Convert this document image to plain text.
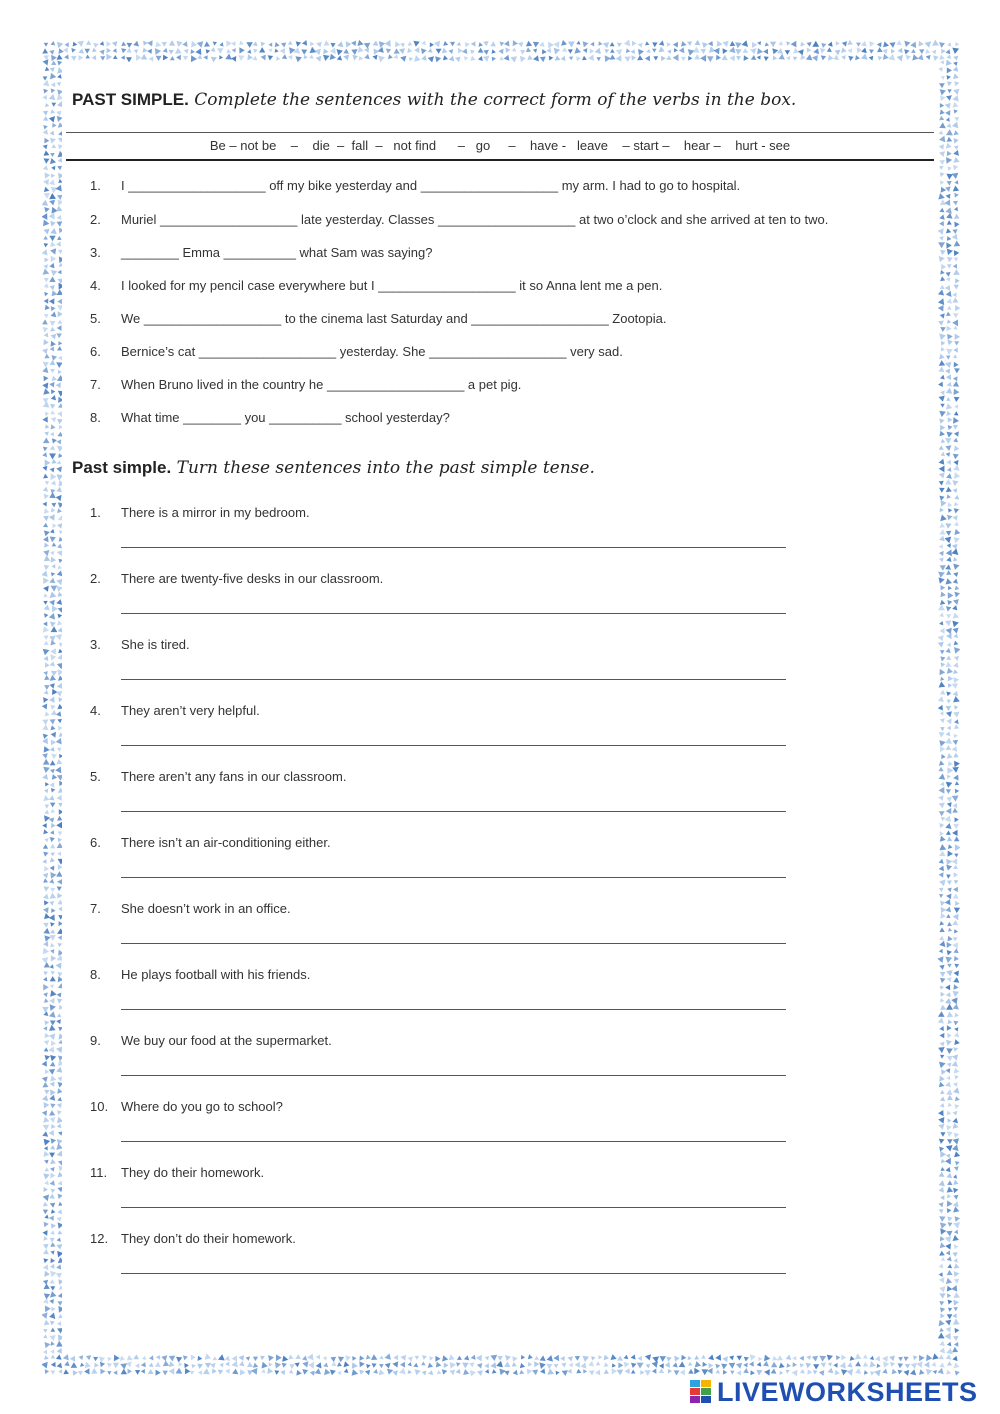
PAST SIMPLE. Complete the sentences with the correct form of the verbs in the box.
Be – not be    –    die  –  fall  –   not find      –   go     –    have -   leave    – start –    hear –    hurt - see
1. I ___________________ off my bike yesterday and ___________________ my arm. I had to go to hospital.
2. Muriel ___________________ late yesterday. Classes ___________________ at two o’clock and she arrived at ten to two.
3. ________ Emma __________ what Sam was saying?
4. I looked for my pencil case everywhere but I ___________________ it so Anna lent me a pen.
5. We ___________________ to the cinema last Saturday and ___________________ Zootopia.
6. Bernice’s cat ___________________ yesterday. She ___________________ very sad.
7. When Bruno lived in the country he ___________________ a pet pig.
8. What time ________ you __________ school yesterday?
Past simple. Turn these sentences into the past simple tense.
1. There is a mirror in my bedroom.
2. There are twenty-five desks in our classroom.
3. She is tired.
4. They aren’t very helpful.
5. There aren’t any fans in our classroom.
6. There isn’t an air-conditioning either.
7. She doesn’t work in an office.
8. He plays football with his friends.
9. We buy our food at the supermarket.
10. Where do you go to school?
11. They do their homework.
12. They don’t do their homework.
LIVEWORKSHEETS
